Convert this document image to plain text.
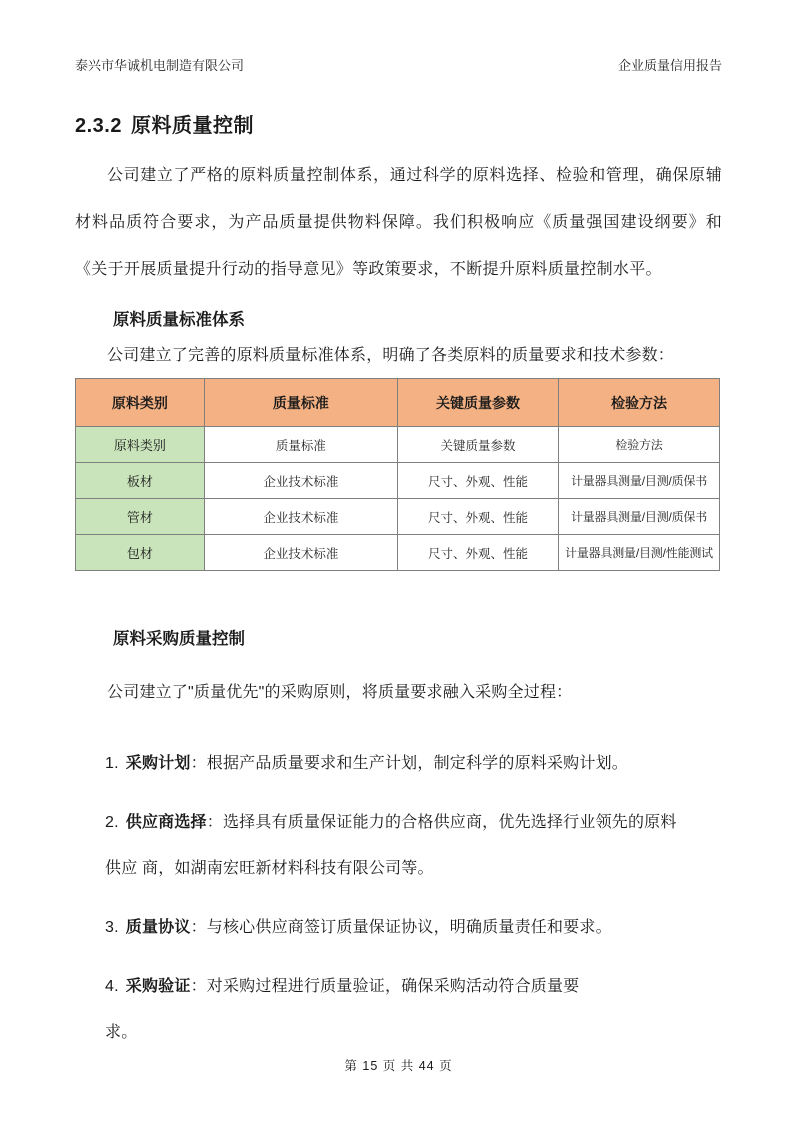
泰兴市华诚机电制造有限公司	企业质量信用报告
2.3.2 原料质量控制

公司建立了严格的原料质量控制体系，通过科学的原料选择、检验和管理，确保原辅材料品质符合要求，为产品质量提供物料保障。我们积极响应《质量强国建设纲要》和《关于开展质量提升行动的指导意见》等政策要求，不断提升原料质量控制水平。

原料质量标准体系

公司建立了完善的原料质量标准体系，明确了各类原料的质量要求和技术参数：

原料类别	质量标准	关键质量参数	检验方法
原料类别	质量标准	关键质量参数	检验方法
板材	企业技术标准	尺寸、外观、性能	计量器具测量/目测/质保书
管材	企业技术标准	尺寸、外观、性能	计量器具测量/目测/质保书
包材	企业技术标准	尺寸、外观、性能	计量器具测量/目测/性能测试
原料采购质量控制

公司建立了"质量优先"的采购原则，将质量要求融入采购全过程：

1. 采购计划：根据产品质量要求和生产计划，制定科学的原料采购计划。
2. 供应商选择：选择具有质量保证能力的合格供应商，优先选择行业领先的原料
供应 商，如湖南宏旺新材料科技有限公司等。
3. 质量协议：与核心供应商签订质量保证协议，明确质量责任和要求。
4. 采购验证：对采购过程进行质量验证，确保采购活动符合质量要
求。
第 15 页 共 44 页
